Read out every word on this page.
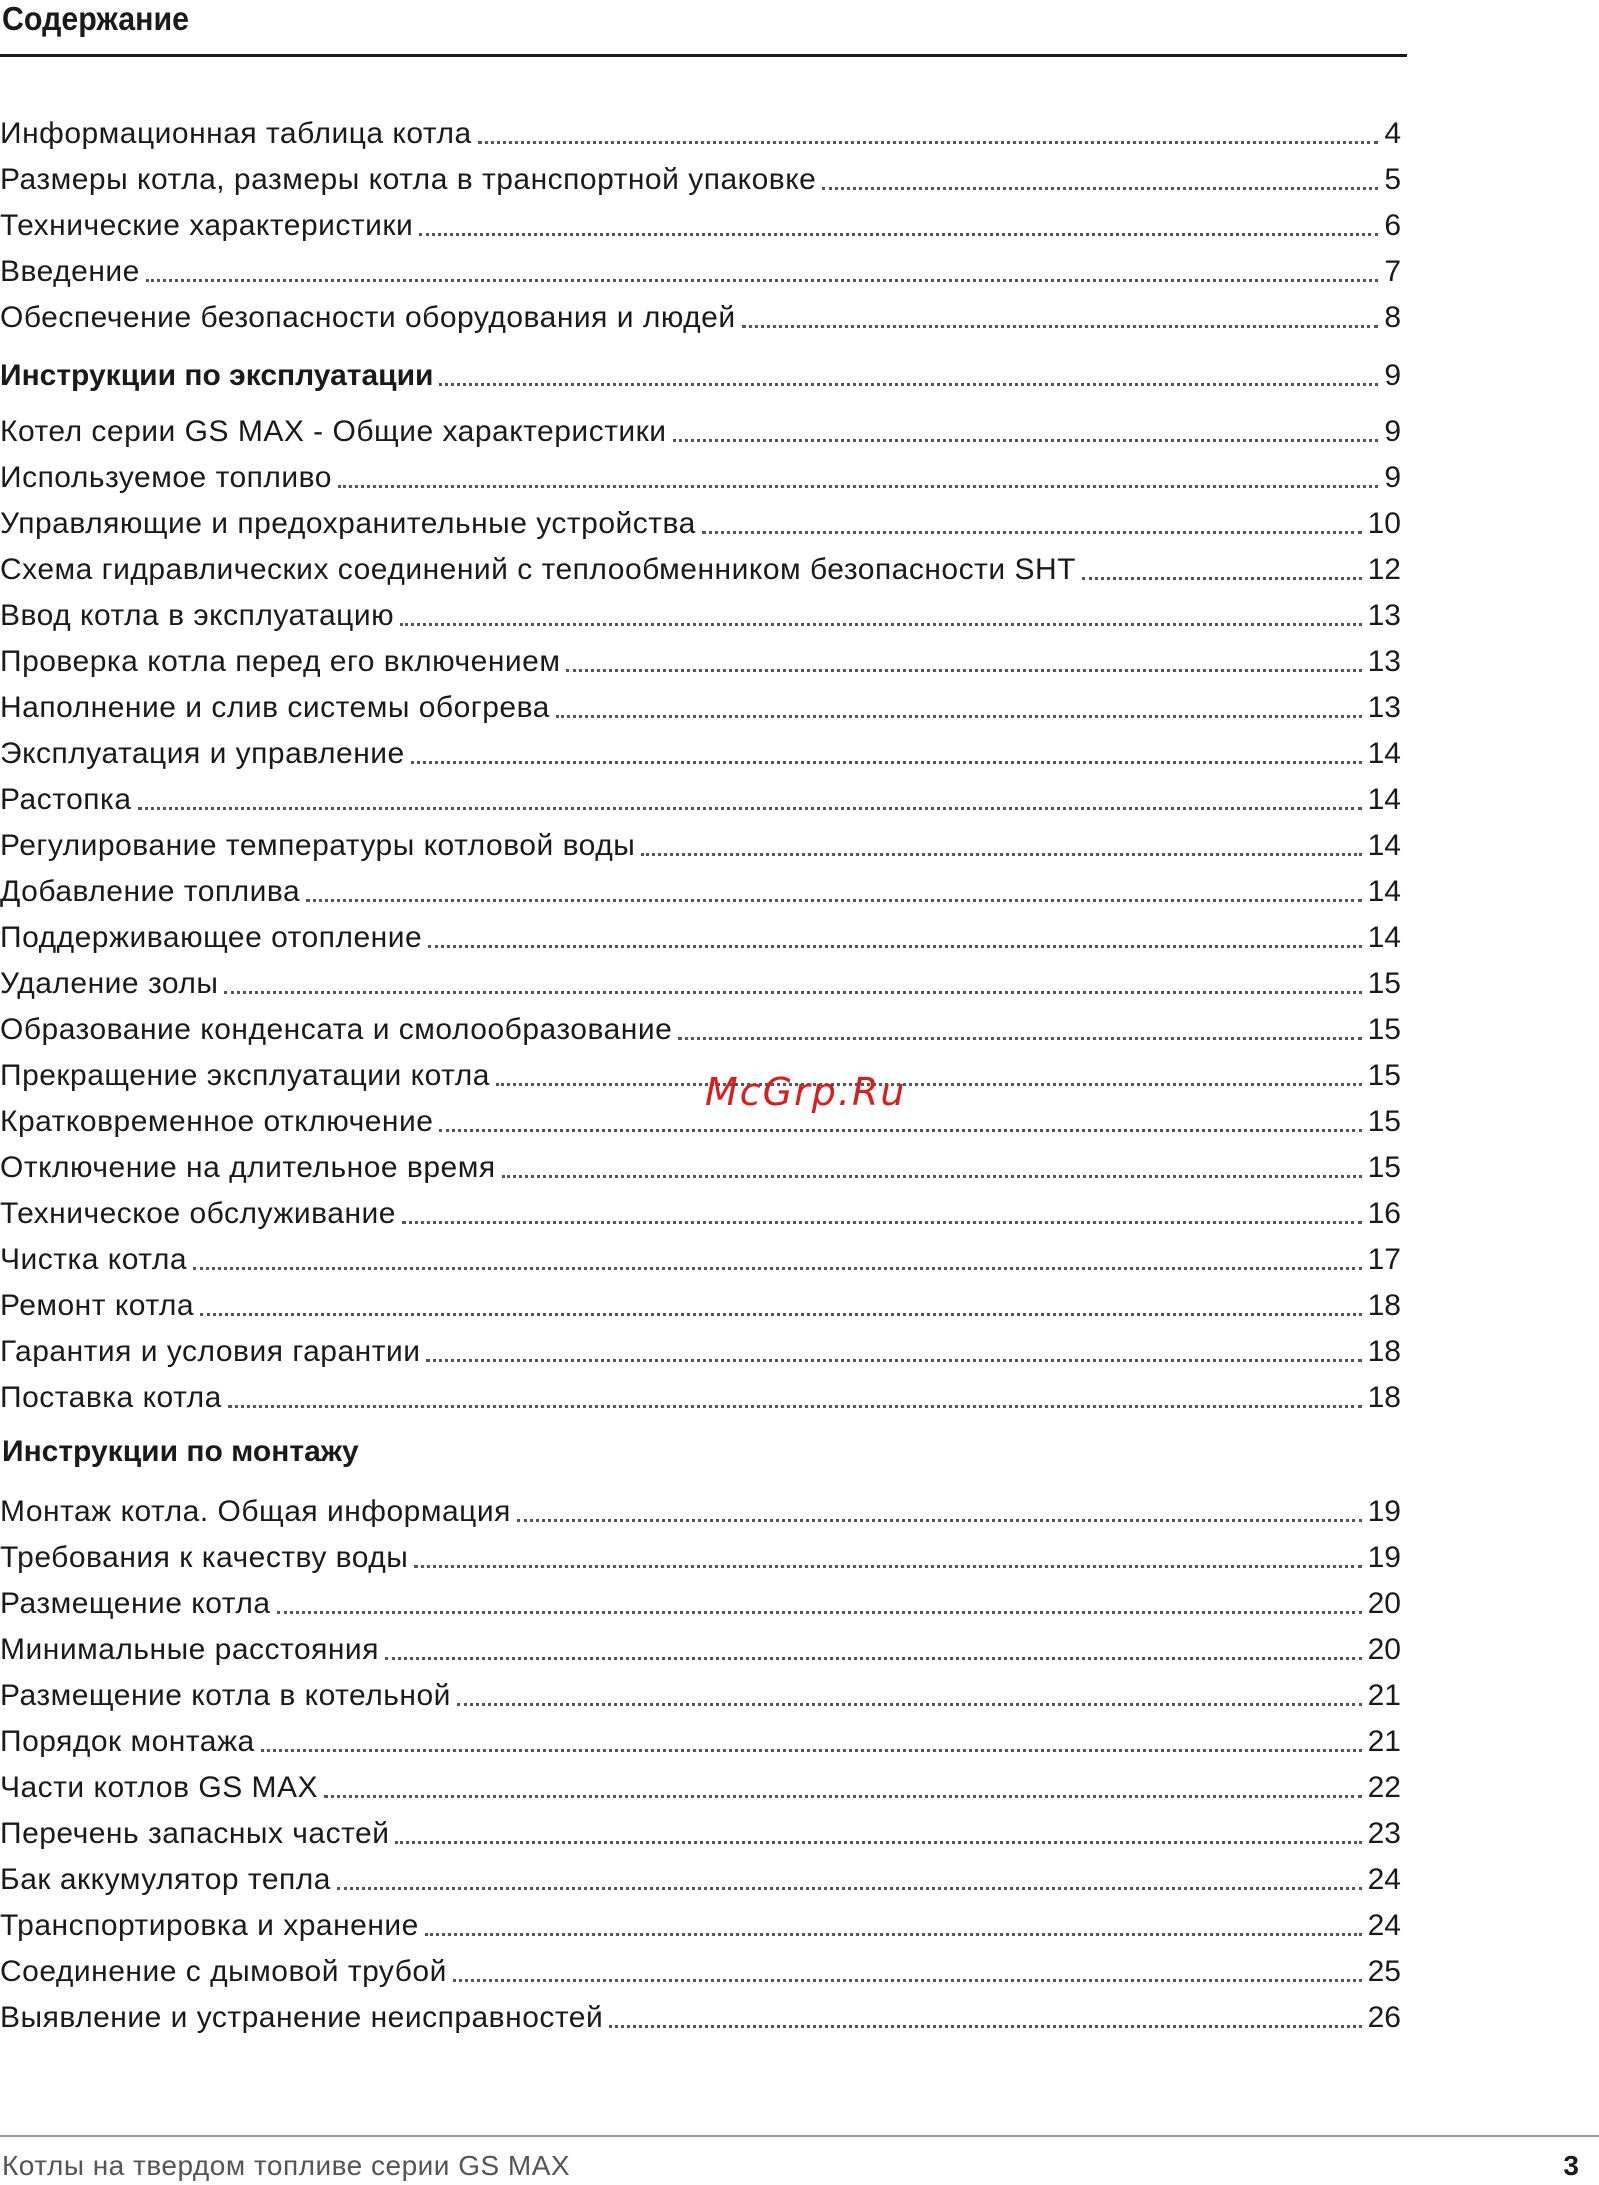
Содержание
Информационная таблица котла	4
Размеры котла, размеры котла в транспортной упаковке	5
Технические характеристики	6
Введение	7
Обеспечение безопасности оборудования и людей	8
Инструкции по эксплуатации	9
Котел серии GS MAX - Общие характеристики	9
Используемое топливо	9
Управляющие и предохранительные устройства	10
Схема гидравлических соединений с теплообменником безопасности SHT	12
Ввод котла в эксплуатацию	13
Проверка котла перед его включением	13
Наполнение и слив системы обогрева	13
Эксплуатация и управление	14
Растопка	14
Регулирование температуры котловой воды	14
Добавление топлива	14
Поддерживающее отопление	14
Удаление золы	15
Образование конденсата и смолообразование	15
Прекращение эксплуатации котла	15
Кратковременное отключение	15
Отключение на длительное время	15
Техническое обслуживание	16
Чистка котла	17
Ремонт котла	18
Гарантия и условия гарантии	18
Поставка котла	18
Инструкции по монтажу
Монтаж котла. Общая информация	19
Требования к качеству воды	19
Размещение котла	20
Минимальные расстояния	20
Размещение котла в котельной	21
Порядок монтажа	21
Части котлов GS MAX	22
Перечень запасных частей	23
Бак аккумулятор тепла	24
Транспортировка и хранение	24
Соединение с дымовой трубой	25
Выявление и устранение неисправностей	26
McGrp.Ru
Котлы на твердом топливе серии GS MAX	3
